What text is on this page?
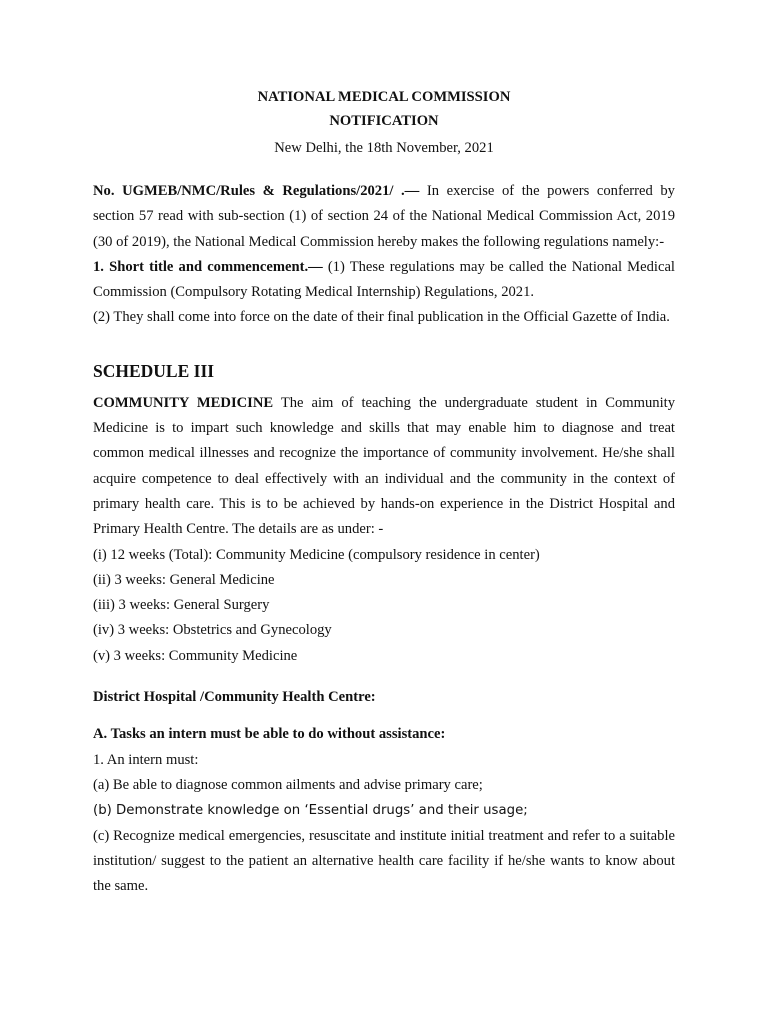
NATIONAL MEDICAL COMMISSION
NOTIFICATION
New Delhi, the 18th November, 2021

No. UGMEB/NMC/Rules & Regulations/2021/ .–– In exercise of the powers conferred by section 57 read with sub-section (1) of section 24 of the National Medical Commission Act, 2019 (30 of 2019), the National Medical Commission hereby makes the following regulations namely:-

1. Short title and commencement.— (1) These regulations may be called the National Medical Commission (Compulsory Rotating Medical Internship) Regulations, 2021.

(2) They shall come into force on the date of their final publication in the Official Gazette of India.

SCHEDULE III

COMMUNITY MEDICINE The aim of teaching the undergraduate student in Community Medicine is to impart such knowledge and skills that may enable him to diagnose and treat common medical illnesses and recognize the importance of community involvement. He/she shall acquire competence to deal effectively with an individual and the community in the context of primary health care. This is to be achieved by hands-on experience in the District Hospital and Primary Health Centre. The details are as under: -

(i) 12 weeks (Total): Community Medicine (compulsory residence in center)
(ii) 3 weeks: General Medicine
(iii) 3 weeks: General Surgery
(iv) 3 weeks: Obstetrics and Gynecology
(v) 3 weeks: Community Medicine
District Hospital /Community Health Centre:
A. Tasks an intern must be able to do without assistance:
1. An intern must:
(a) Be able to diagnose common ailments and advise primary care;
(b) Demonstrate knowledge on ‘Essential drugs’ and their usage;

(c) Recognize medical emergencies, resuscitate and institute initial treatment and refer to a suitable institution/ suggest to the patient an alternative health care facility if he/she wants to know about the same.
